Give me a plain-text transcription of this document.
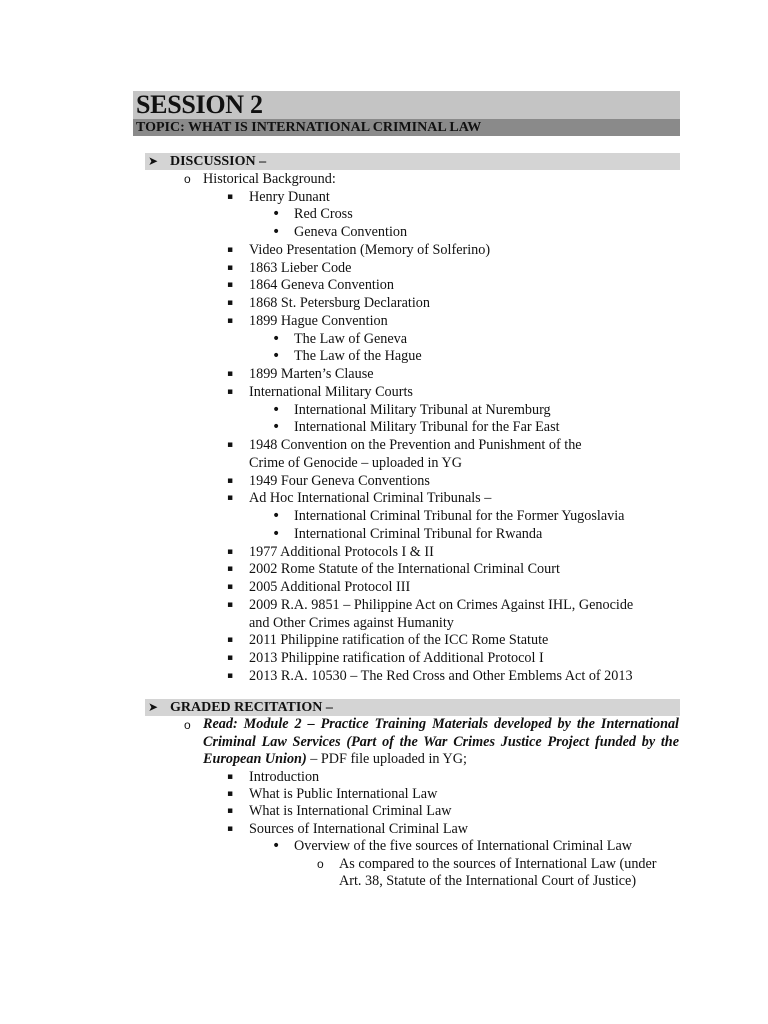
SESSION 2
TOPIC: WHAT IS INTERNATIONAL CRIMINAL LAW
➤ DISCUSSION –
o Historical Background:
▪ Henry Dunant
• Red Cross
• Geneva Convention
▪ Video Presentation (Memory of Solferino)
▪ 1863 Lieber Code
▪ 1864 Geneva Convention
▪ 1868 St. Petersburg Declaration
▪ 1899 Hague Convention
• The Law of Geneva
• The Law of the Hague
▪ 1899 Marten’s Clause
▪ International Military Courts
• International Military Tribunal at Nuremburg
• International Military Tribunal for the Far East
▪ 1948 Convention on the Prevention and Punishment of the
Crime of Genocide – uploaded in YG
▪ 1949 Four Geneva Conventions
▪ Ad Hoc International Criminal Tribunals –
• International Criminal Tribunal for the Former Yugoslavia
• International Criminal Tribunal for Rwanda
▪ 1977 Additional Protocols I & II
▪ 2002 Rome Statute of the International Criminal Court
▪ 2005 Additional Protocol III
▪ 2009 R.A. 9851 – Philippine Act on Crimes Against IHL, Genocide
and Other Crimes against Humanity
▪ 2011 Philippine ratification of the ICC Rome Statute
▪ 2013 Philippine ratification of Additional Protocol I
▪ 2013 R.A. 10530 – The Red Cross and Other Emblems Act of 2013
➤ GRADED RECITATION –
o Read: Module 2 – Practice Training Materials developed by the International Criminal Law Services (Part of the War Crimes Justice Project funded by the European Union) – PDF file uploaded in YG;
▪ Introduction
▪ What is Public International Law
▪ What is International Criminal Law
▪ Sources of International Criminal Law
• Overview of the five sources of International Criminal Law
o As compared to the sources of International Law (under
Art. 38, Statute of the International Court of Justice)
